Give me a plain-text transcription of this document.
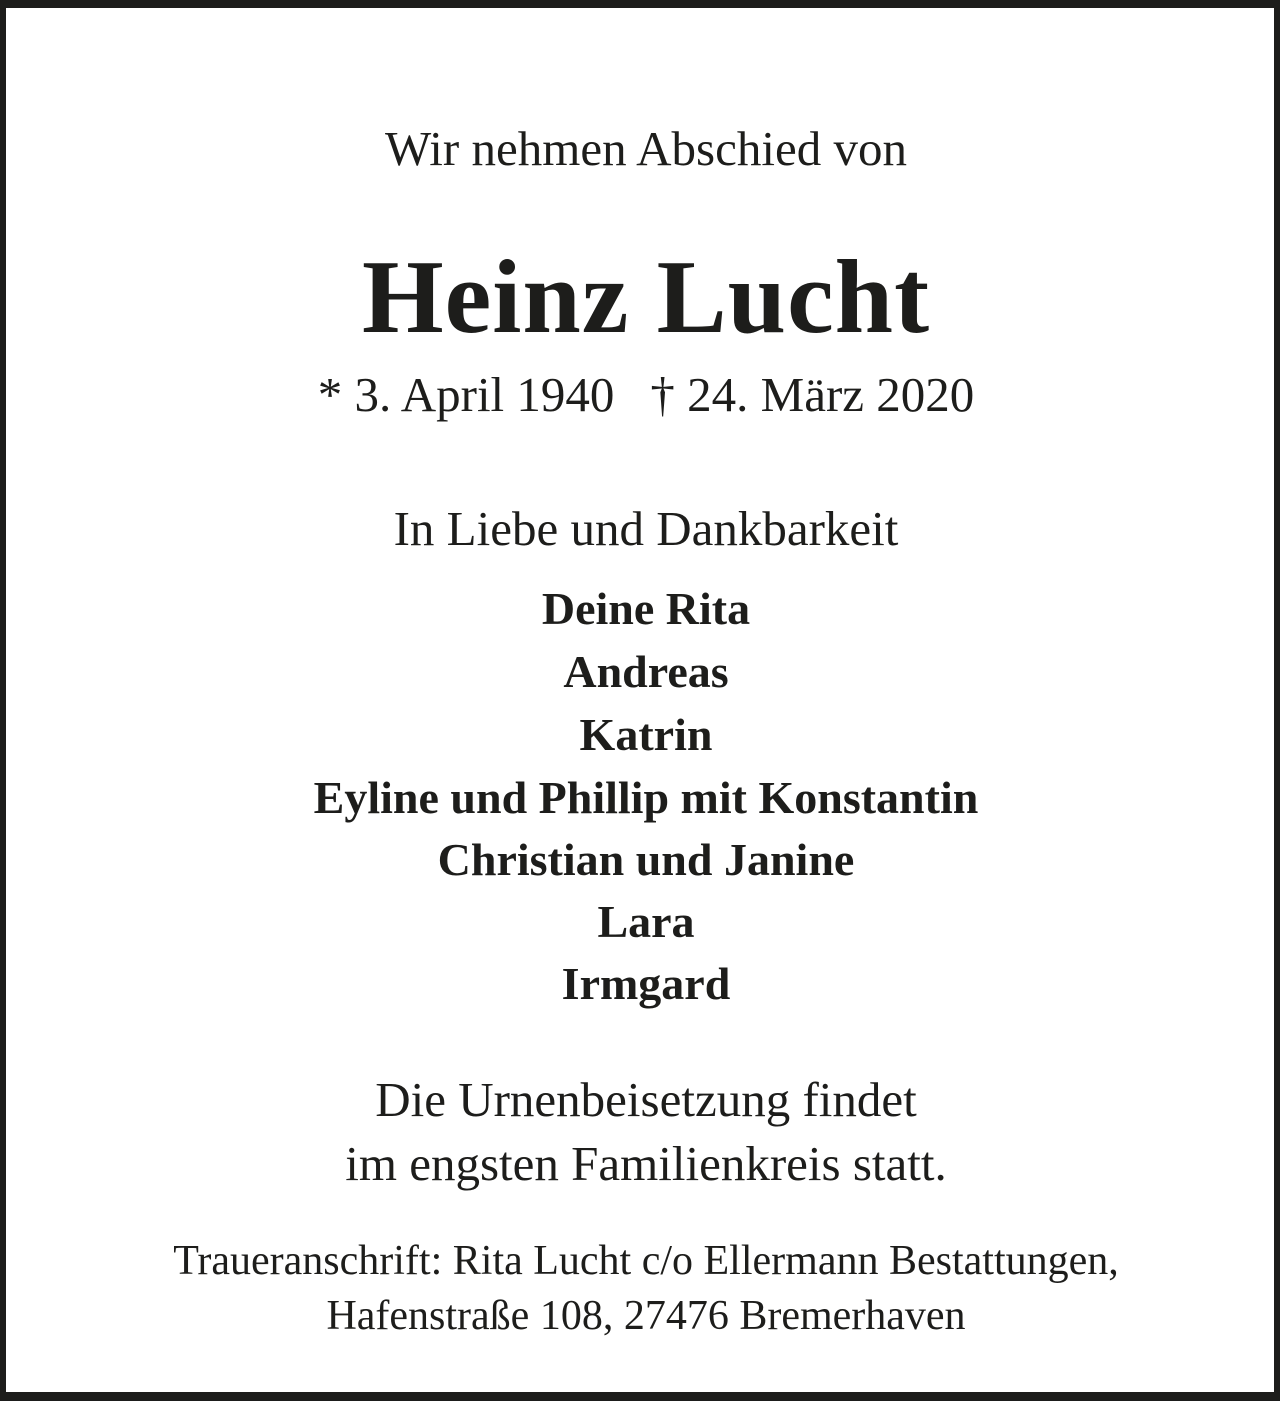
Wir nehmen Abschied von
Heinz Lucht
* 3. April 1940 † 24. März 2020
In Liebe und Dankbarkeit
Deine Rita
Andreas
Katrin
Eyline und Phillip mit Konstantin
Christian und Janine
Lara
Irmgard
Die Urnenbeisetzung findet
im engsten Familienkreis statt.
Traueranschrift: Rita Lucht c/o Ellermann Bestattungen,
Hafenstraße 108, 27476 Bremerhaven
